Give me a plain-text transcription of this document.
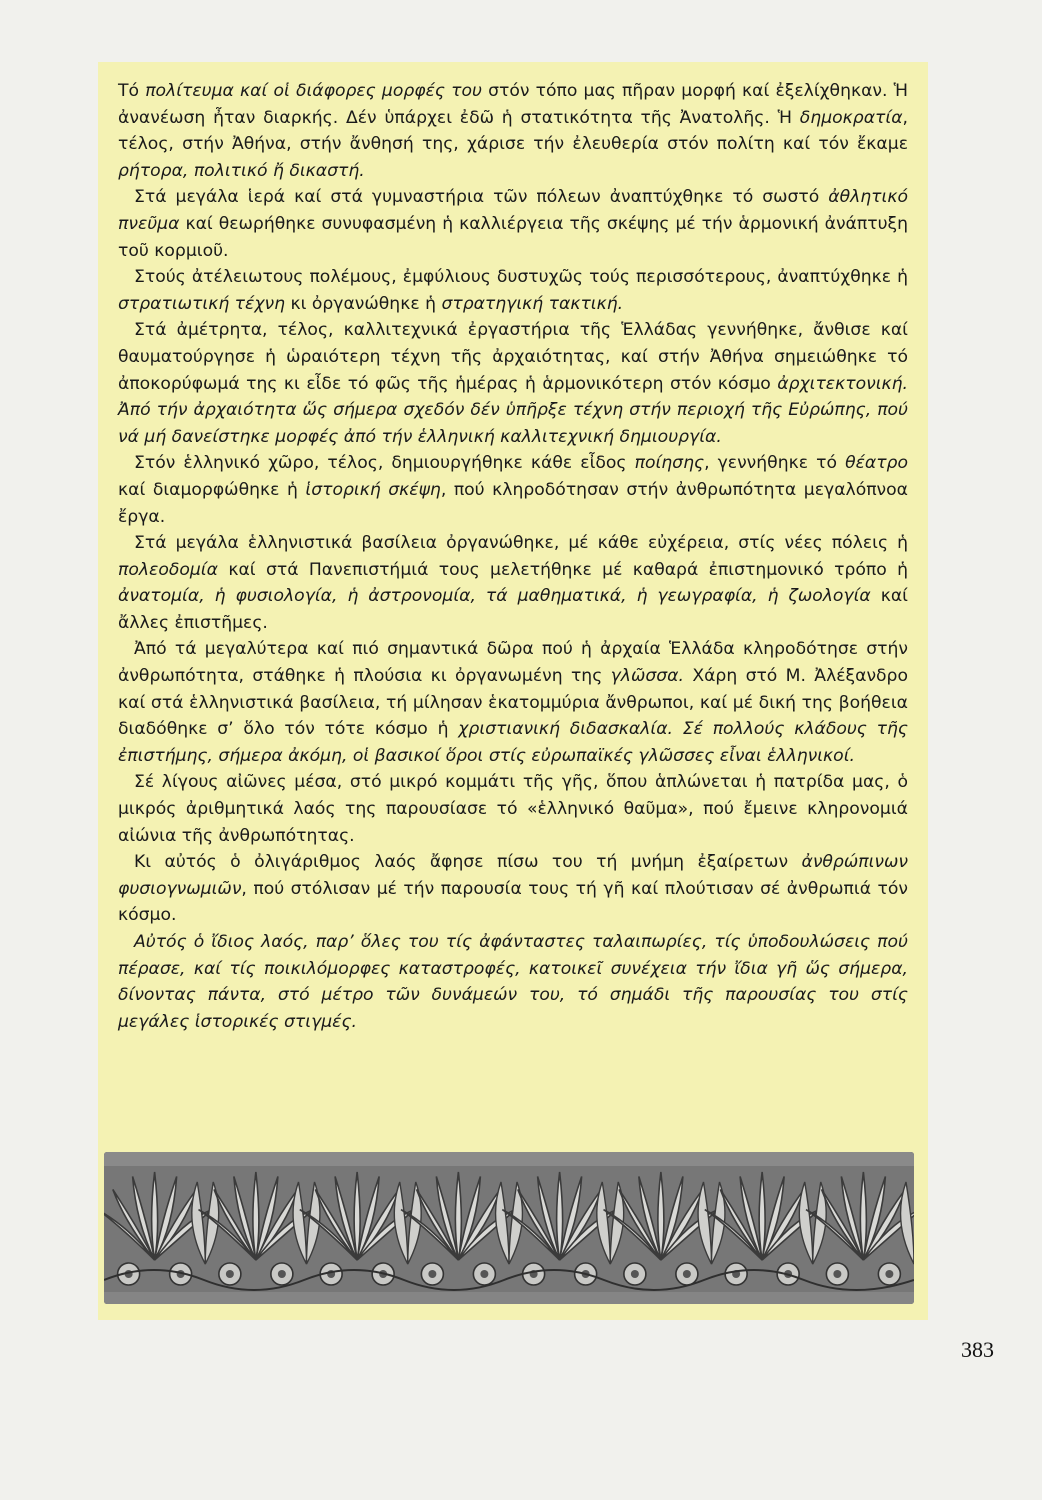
Τό πολίτευμα καί οἱ διάφορες μορφές του στόν τόπο μας πῆραν μορφή καί ἐξελίχθηκαν. Ἡ ἀνανέωση ἦταν διαρκής. Δέν ὑπάρχει ἐδῶ ἡ στατικότητα τῆς Ἀνατολῆς. Ἡ δημοκρατία, τέλος, στήν Ἀθήνα, στήν ἄνθησή της, χάρισε τήν ἐλευθερία στόν πολίτη καί τόν ἔκαμε ρήτορα, πολιτικό ἤ δικαστή.

Στά μεγάλα ἱερά καί στά γυμναστήρια τῶν πόλεων ἀναπτύχθηκε τό σωστό ἀθλητικό πνεῦμα καί θεωρήθηκε συνυφασμένη ἡ καλλιέργεια τῆς σκέψης μέ τήν ἁρμονική ἀνάπτυξη τοῦ κορμιοῦ.

Στούς ἀτέλειωτους πολέμους, ἐμφύλιους δυστυχῶς τούς περισσότερους, ἀναπτύχθηκε ἡ στρατιωτική τέχνη κι ὀργανώθηκε ἡ στρατηγική τακτική.

Στά ἀμέτρητα, τέλος, καλλιτεχνικά ἐργαστήρια τῆς Ἑλλάδας γεννήθηκε, ἄνθισε καί θαυματούργησε ἡ ὡραιότερη τέχνη τῆς ἀρχαιότητας, καί στήν Ἀθήνα σημειώθηκε τό ἀποκορύφωμά της κι εἶδε τό φῶς τῆς ἡμέρας ἡ ἁρμονικότερη στόν κόσμο ἀρχιτεκτονική. Ἀπό τήν ἀρχαιότητα ὥς σήμερα σχεδόν δέν ὑπῆρξε τέχνη στήν περιοχή τῆς Εὐρώπης, πού νά μή δανείστηκε μορφές ἀπό τήν ἑλληνική καλλιτεχνική δημιουργία.

Στόν ἑλληνικό χῶρο, τέλος, δημιουργήθηκε κάθε εἶδος ποίησης, γεννήθηκε τό θέατρο καί διαμορφώθηκε ἡ ἱστορική σκέψη, πού κληροδότησαν στήν ἀνθρωπότητα μεγαλόπνοα ἔργα.

Στά μεγάλα ἑλληνιστικά βασίλεια ὀργανώθηκε, μέ κάθε εὐχέρεια, στίς νέες πόλεις ἡ πολεοδομία καί στά Πανεπιστήμιά τους μελετήθηκε μέ καθαρά ἐπιστημονικό τρόπο ἡ ἀνατομία, ἡ φυσιολογία, ἡ ἀστρονομία, τά μαθηματικά, ἡ γεωγραφία, ἡ ζωολογία καί ἄλλες ἐπιστῆμες.

Ἀπό τά μεγαλύτερα καί πιό σημαντικά δῶρα πού ἡ ἀρχαία Ἑλλάδα κληροδότησε στήν ἀνθρωπότητα, στάθηκε ἡ πλούσια κι ὀργανωμένη της γλῶσσα. Χάρη στό Μ. Ἀλέξανδρο καί στά ἑλληνιστικά βασίλεια, τή μίλησαν ἑκατομμύρια ἄνθρωποι, καί μέ δική της βοήθεια διαδόθηκε σ’ ὅλο τόν τότε κόσμο ἡ χριστιανική διδασκαλία. Σέ πολλούς κλάδους τῆς ἐπιστήμης, σήμερα ἀκόμη, οἱ βασικοί ὅροι στίς εὐρωπαϊκές γλῶσσες εἶναι ἑλληνικοί.

Σέ λίγους αἰῶνες μέσα, στό μικρό κομμάτι τῆς γῆς, ὅπου ἁπλώνεται ἡ πατρίδα μας, ὁ μικρός ἀριθμητικά λαός της παρουσίασε τό «ἑλληνικό θαῦμα», πού ἔμεινε κληρονομιά αἰώνια τῆς ἀνθρωπότητας.

Κι αὐτός ὁ ὀλιγάριθμος λαός ἄφησε πίσω του τή μνήμη ἐξαίρετων ἀνθρώπινων φυσιογνωμιῶν, πού στόλισαν μέ τήν παρουσία τους τή γῆ καί πλούτισαν σέ ἀνθρωπιά τόν κόσμο.

Αὐτός ὁ ἴδιος λαός, παρ’ ὅλες του τίς ἀφάνταστες ταλαιπωρίες, τίς ὑποδουλώσεις πού πέρασε, καί τίς ποικιλόμορφες καταστροφές, κατοικεῖ συνέχεια τήν ἴδια γῆ ὥς σήμερα, δίνοντας πάντα, στό μέτρο τῶν δυνάμεών του, τό σημάδι τῆς παρουσίας του στίς μεγάλες ἱστορικές στιγμές.

383
